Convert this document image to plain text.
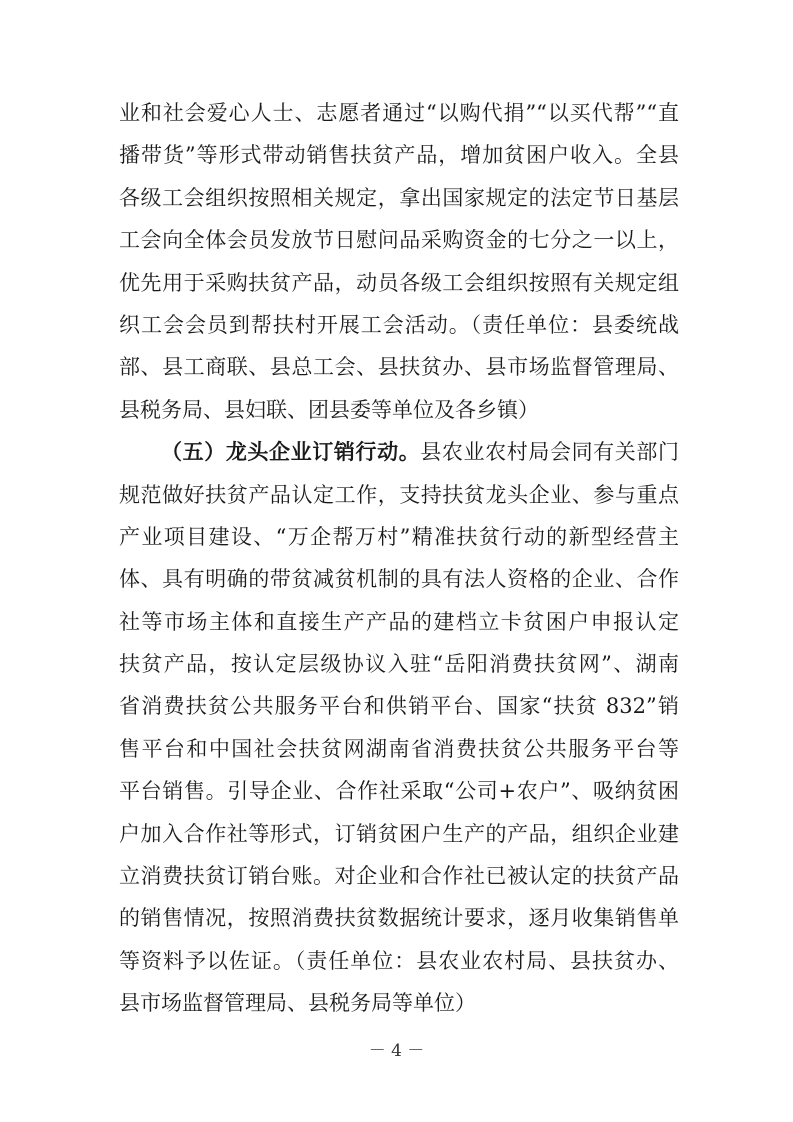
业和社会爱心人士、志愿者通过“以购代捐”“以买代帮”“直
播带货”等形式带动销售扶贫产品，增加贫困户收入。全县
各级工会组织按照相关规定，拿出国家规定的法定节日基层
工会向全体会员发放节日慰问品采购资金的七分之一以上，
优先用于采购扶贫产品，动员各级工会组织按照有关规定组
织工会会员到帮扶村开展工会活动。（责任单位：县委统战
部、县工商联、县总工会、县扶贫办、县市场监督管理局、
县税务局、县妇联、团县委等单位及各乡镇）
（五）龙头企业订销行动。县农业农村局会同有关部门
规范做好扶贫产品认定工作，支持扶贫龙头企业、参与重点
产业项目建设、“万企帮万村”精准扶贫行动的新型经营主
体、具有明确的带贫减贫机制的具有法人资格的企业、合作
社等市场主体和直接生产产品的建档立卡贫困户申报认定
扶贫产品，按认定层级协议入驻“岳阳消费扶贫网”、湖南
省消费扶贫公共服务平台和供销平台、国家“扶贫 832”销
售平台和中国社会扶贫网湖南省消费扶贫公共服务平台等
平台销售。引导企业、合作社采取“公司+农户”、吸纳贫困
户加入合作社等形式，订销贫困户生产的产品，组织企业建
立消费扶贫订销台账。对企业和合作社已被认定的扶贫产品
的销售情况，按照消费扶贫数据统计要求，逐月收集销售单
等资料予以佐证。（责任单位：县农业农村局、县扶贫办、
县市场监督管理局、县税务局等单位）
－ 4 －
